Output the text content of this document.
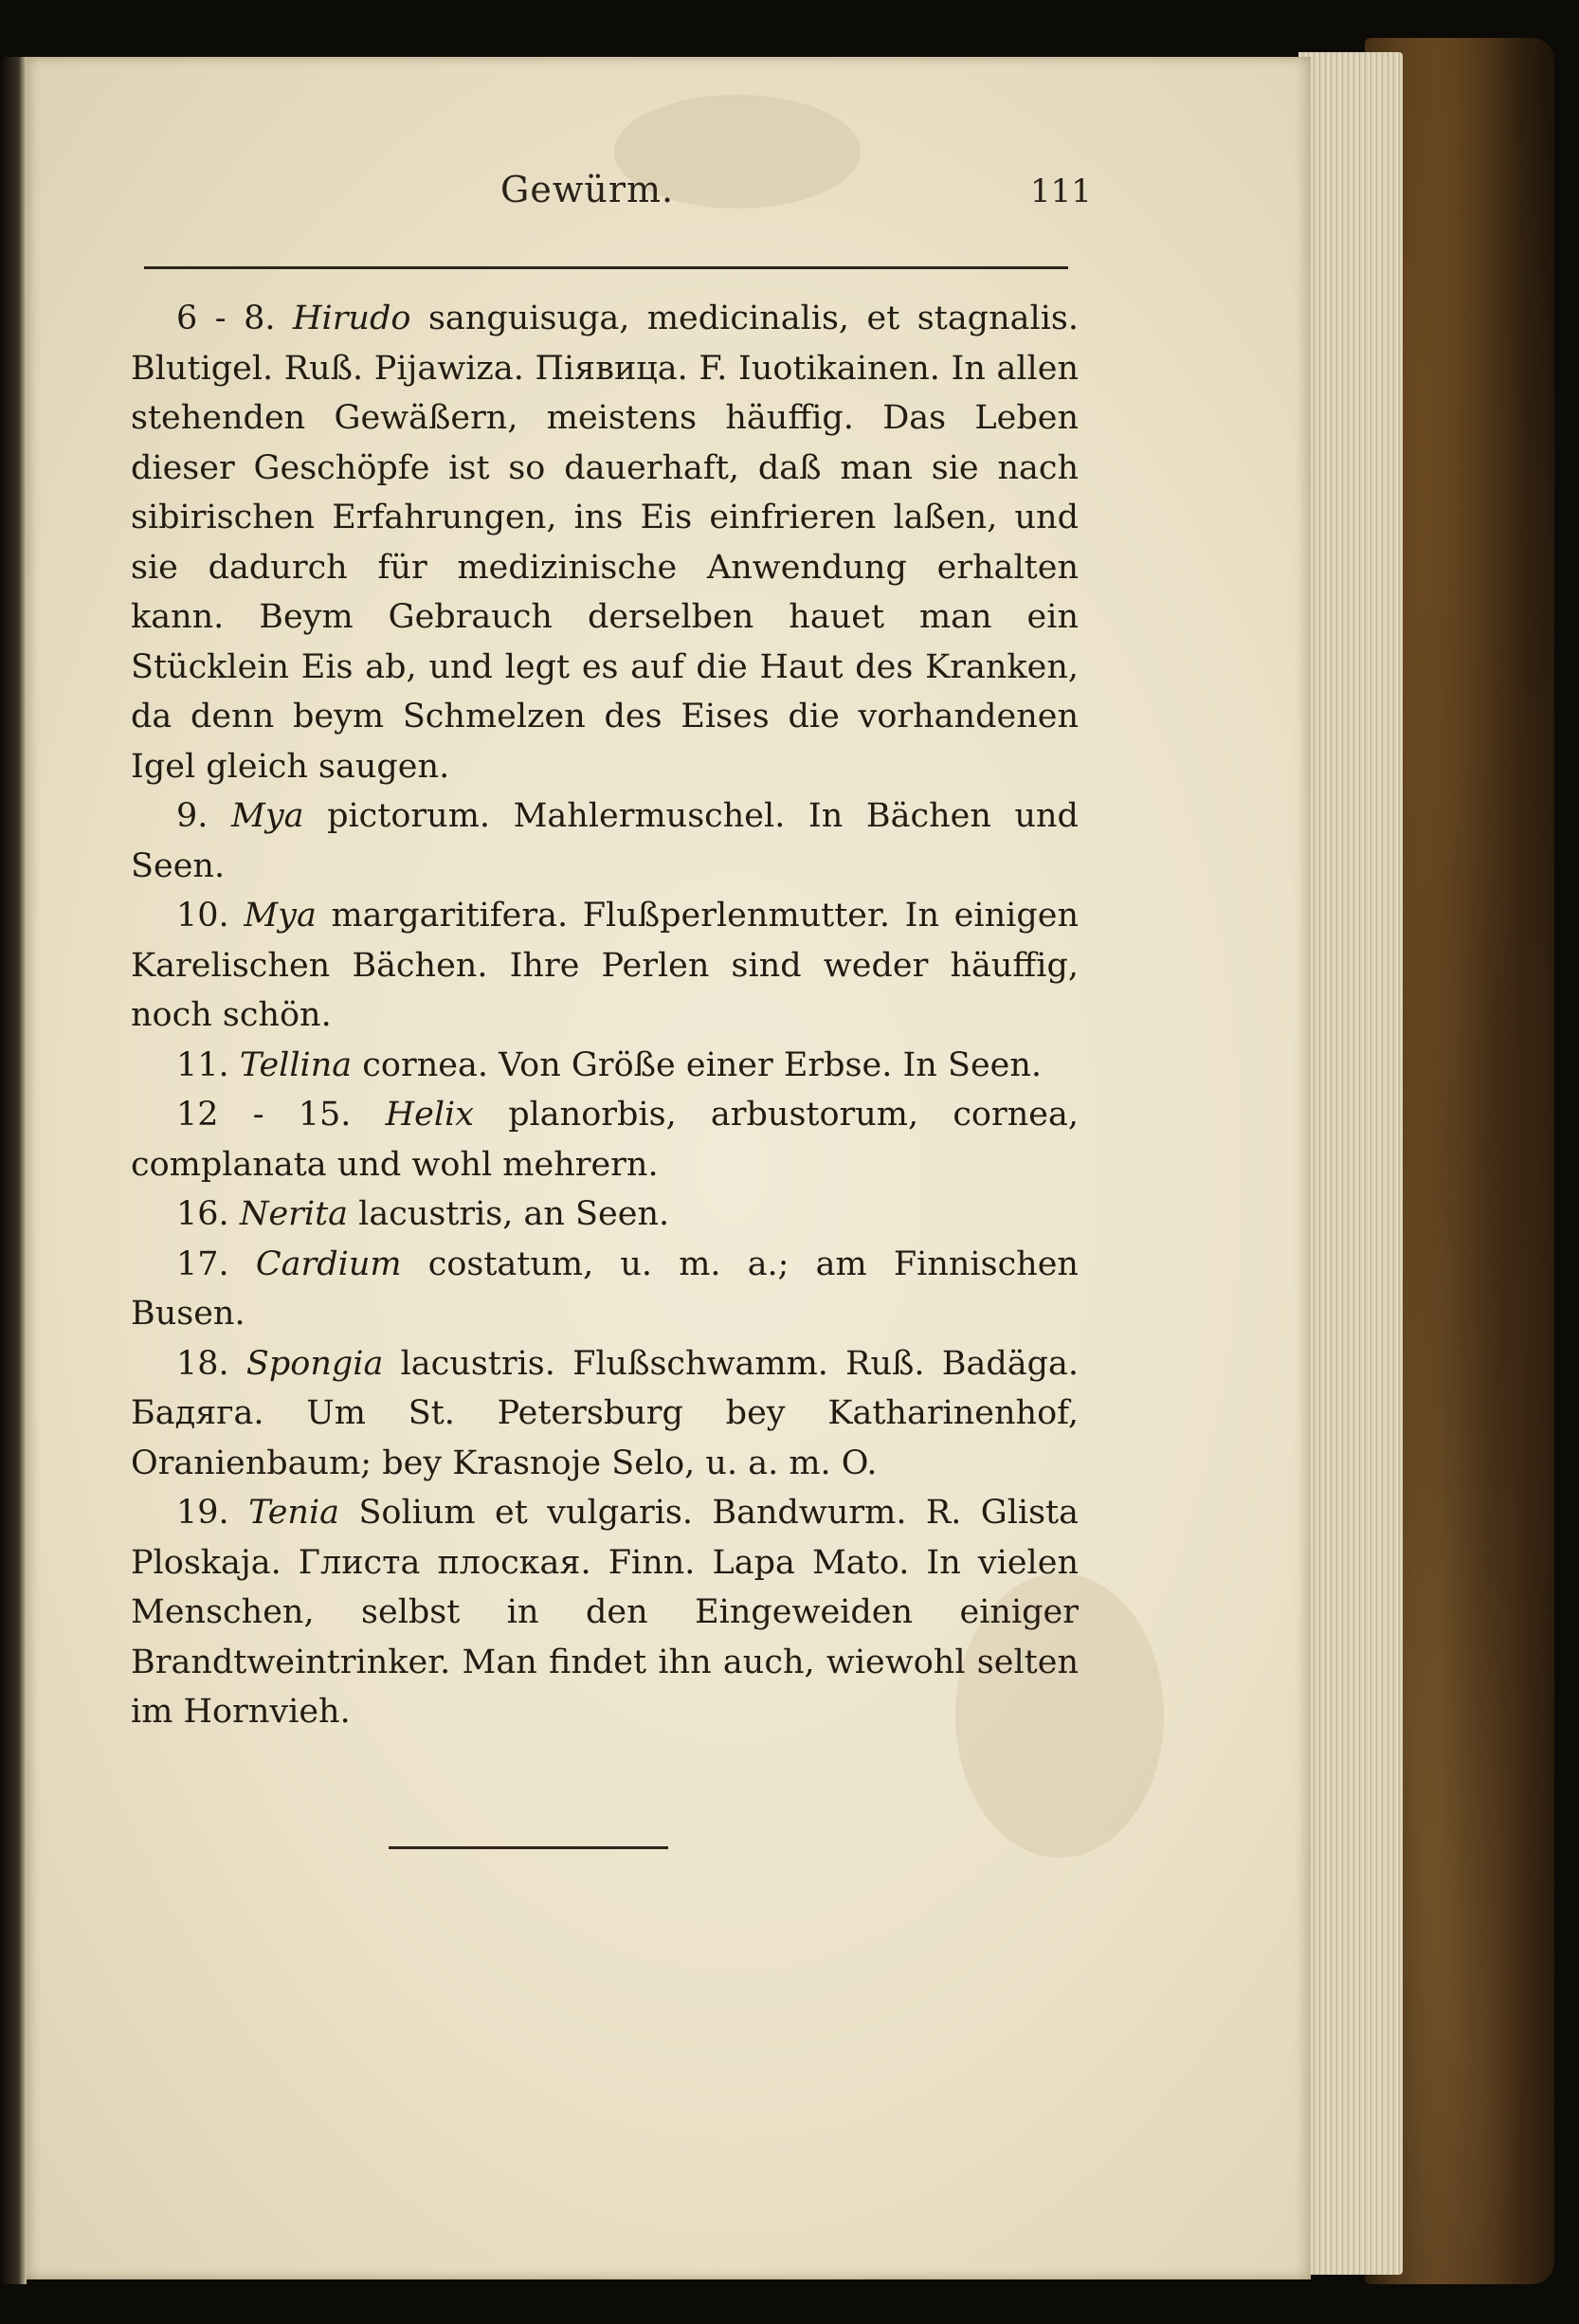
Gewürm.	111

6 - 8. Hirudo sanguisuga, medicinalis, et stagnalis. Blutigel. Ruß. Pijawiza. Пiявица. F. Iuotikainen. In allen stehenden Gewäßern, meistens häuffig. Das Leben dieser Geschöpfe ist so dauerhaft, daß man sie nach sibirischen Erfahrungen, ins Eis einfrieren laßen, und sie dadurch für medizinische Anwendung erhalten kann. Beym Gebrauch derselben hauet man ein Stücklein Eis ab, und legt es auf die Haut des Kranken, da denn beym Schmelzen des Eises die vorhandenen Igel gleich saugen.

9. Mya pictorum. Mahlermuschel. In Bächen und Seen.

10. Mya margaritifera. Flußperlenmutter. In einigen Karelischen Bächen. Ihre Perlen sind weder häuffig, noch schön.

11. Tellina cornea. Von Größe einer Erbse. In Seen.

12 - 15. Helix planorbis, arbustorum, cornea, complanata und wohl mehrern.

16. Nerita lacustris, an Seen.

17. Cardium costatum, u. m. a.; am Finnischen Busen.

18. Spongia lacustris. Flußschwamm. Ruß. Badäga. Бадяга. Um St. Petersburg bey Katharinenhof, Oranienbaum; bey Krasnoje Selo, u. a. m. O.

19. Tenia Solium et vulgaris. Bandwurm. R. Glista Ploskaja. Глиста плоская. Finn. Lapa Mato. In vielen Menschen, selbst in den Eingeweiden einiger Brandtweintrinker. Man findet ihn auch, wiewohl selten im Hornvieh.
